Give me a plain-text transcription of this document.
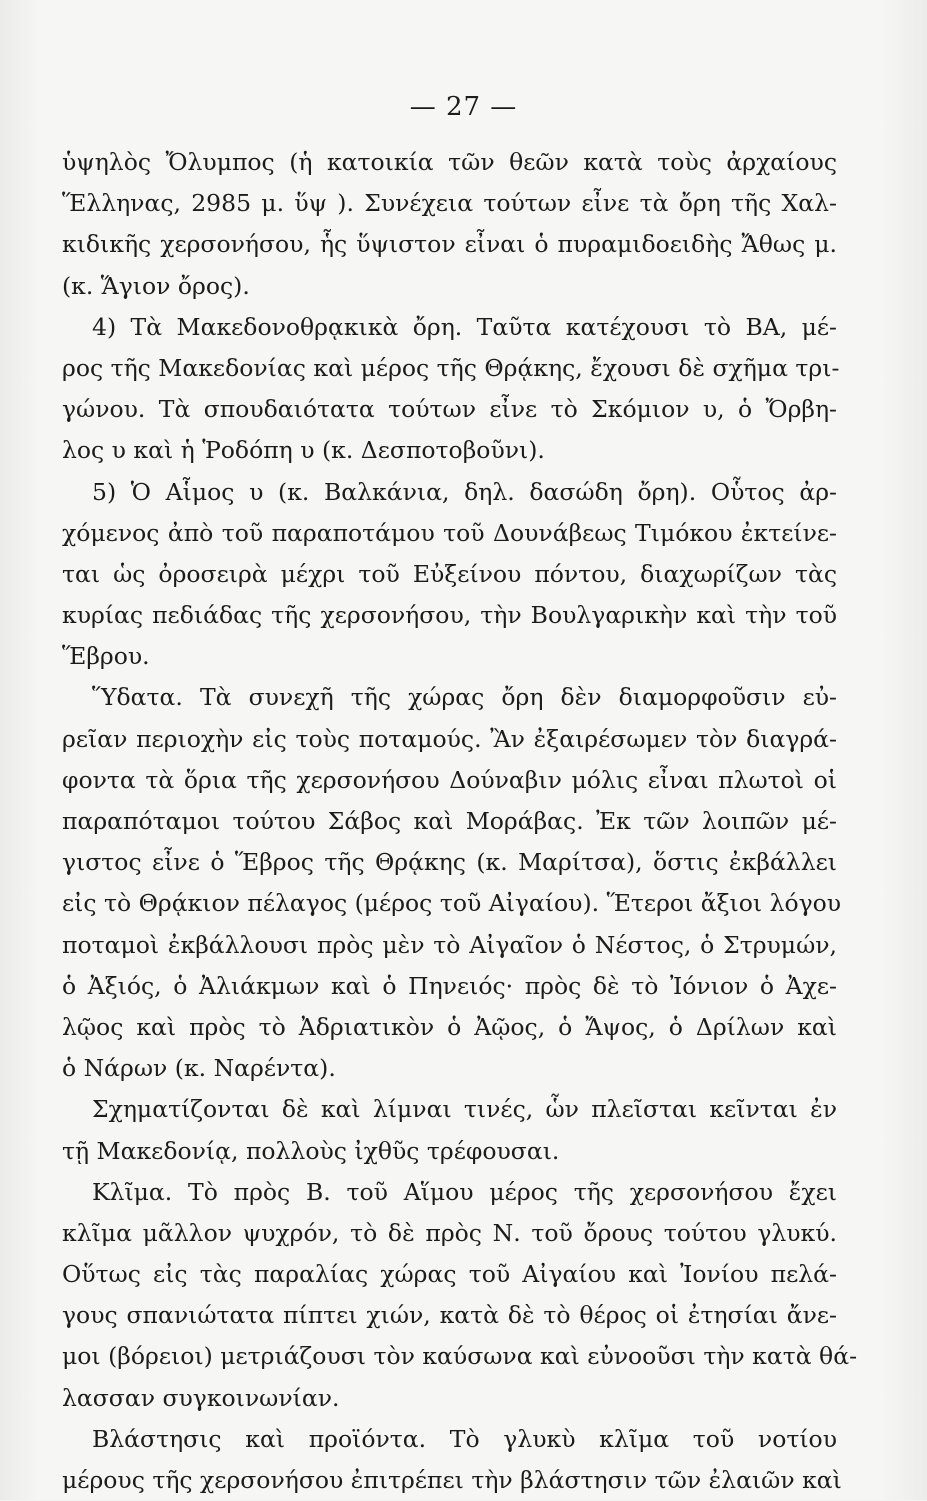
— 27 —
ὑψηλὸς Ὄλυμπος (ἡ κατοικία τῶν θεῶν κατὰ τοὺς ἀρχαίους
Ἕλληνας, 2985 μ. ὕψ ). Συνέχεια τούτων εἶνε τὰ ὄρη τῆς Χαλ-
κιδικῆς χερσονήσου, ἧς ὕψιστον εἶναι ὁ πυραμιδοειδὴς Ἄθως μ.
(κ. Ἅγιον ὄρος).
4) Τὰ Μακεδονοθρᾳκικὰ ὄρη. Ταῦτα κατέχουσι τὸ ΒΑ, μέ-
ρος τῆς Μακεδονίας καὶ μέρος τῆς Θρᾴκης, ἔχουσι δὲ σχῆμα τρι-
γώνου. Τὰ σπουδαιότατα τούτων εἶνε τὸ Σκόμιον υ, ὁ Ὄρβη-
λος υ καὶ ἡ Ῥοδόπη υ (κ. Δεσποτοβοῦνι).
5) Ὁ Αἷμος υ (κ. Βαλκάνια, δηλ. δασώδη ὄρη). Οὗτος ἀρ-
χόμενος ἀπὸ τοῦ παραποτάμου τοῦ Δουνάβεως Τιμόκου ἐκτείνε-
ται ὡς ὀροσειρὰ μέχρι τοῦ Εὐξείνου πόντου, διαχωρίζων τὰς
κυρίας πεδιάδας τῆς χερσονήσου, τὴν Βουλγαρικὴν καὶ τὴν τοῦ
Ἕβρου.
Ὕδατα. Τὰ συνεχῆ τῆς χώρας ὄρη δὲν διαμορφοῦσιν εὐ-
ρεῖαν περιοχὴν εἰς τοὺς ποταμούς. Ἂν ἐξαιρέσωμεν τὸν διαγρά-
φοντα τὰ ὅρια τῆς χερσονήσου Δούναβιν μόλις εἶναι πλωτοὶ οἱ
παραπόταμοι τούτου Σάβος καὶ Μοράβας. Ἐκ τῶν λοιπῶν μέ-
γιστος εἶνε ὁ Ἕβρος τῆς Θρᾴκης (κ. Μαρίτσα), ὅστις ἐκβάλλει
εἰς τὸ Θρᾴκιον πέλαγος (μέρος τοῦ Αἰγαίου). Ἕτεροι ἄξιοι λόγου
ποταμοὶ ἐκβάλλουσι πρὸς μὲν τὸ Αἰγαῖον ὁ Νέστος, ὁ Στρυμών,
ὁ Ἀξιός, ὁ Ἀλιάκμων καὶ ὁ Πηνειός· πρὸς δὲ τὸ Ἰόνιον ὁ Ἀχε-
λῷος καὶ πρὸς τὸ Ἀδριατικὸν ὁ Ἀῷος, ὁ Ἄψος, ὁ Δρίλων καὶ
ὁ Νάρων (κ. Ναρέντα).
Σχηματίζονται δὲ καὶ λίμναι τινές, ὧν πλεῖσται κεῖνται ἐν
τῇ Μακεδονίᾳ, πολλοὺς ἰχθῦς τρέφουσαι.
Κλῖμα. Τὸ πρὸς Β. τοῦ Αἵμου μέρος τῆς χερσονήσου ἔχει
κλῖμα μᾶλλον ψυχρόν, τὸ δὲ πρὸς Ν. τοῦ ὄρους τούτου γλυκύ.
Οὕτως εἰς τὰς παραλίας χώρας τοῦ Αἰγαίου καὶ Ἰονίου πελά-
γους σπανιώτατα πίπτει χιών, κατὰ δὲ τὸ θέρος οἱ ἐτησίαι ἄνε-
μοι (βόρειοι) μετριάζουσι τὸν καύσωνα καὶ εὐνοοῦσι τὴν κατὰ θά-
λασσαν συγκοινωνίαν.
Βλάστησις καὶ προϊόντα. Τὸ γλυκὺ κλῖμα τοῦ νοτίου
μέρους τῆς χερσονήσου ἐπιτρέπει τὴν βλάστησιν τῶν ἐλαιῶν καὶ
